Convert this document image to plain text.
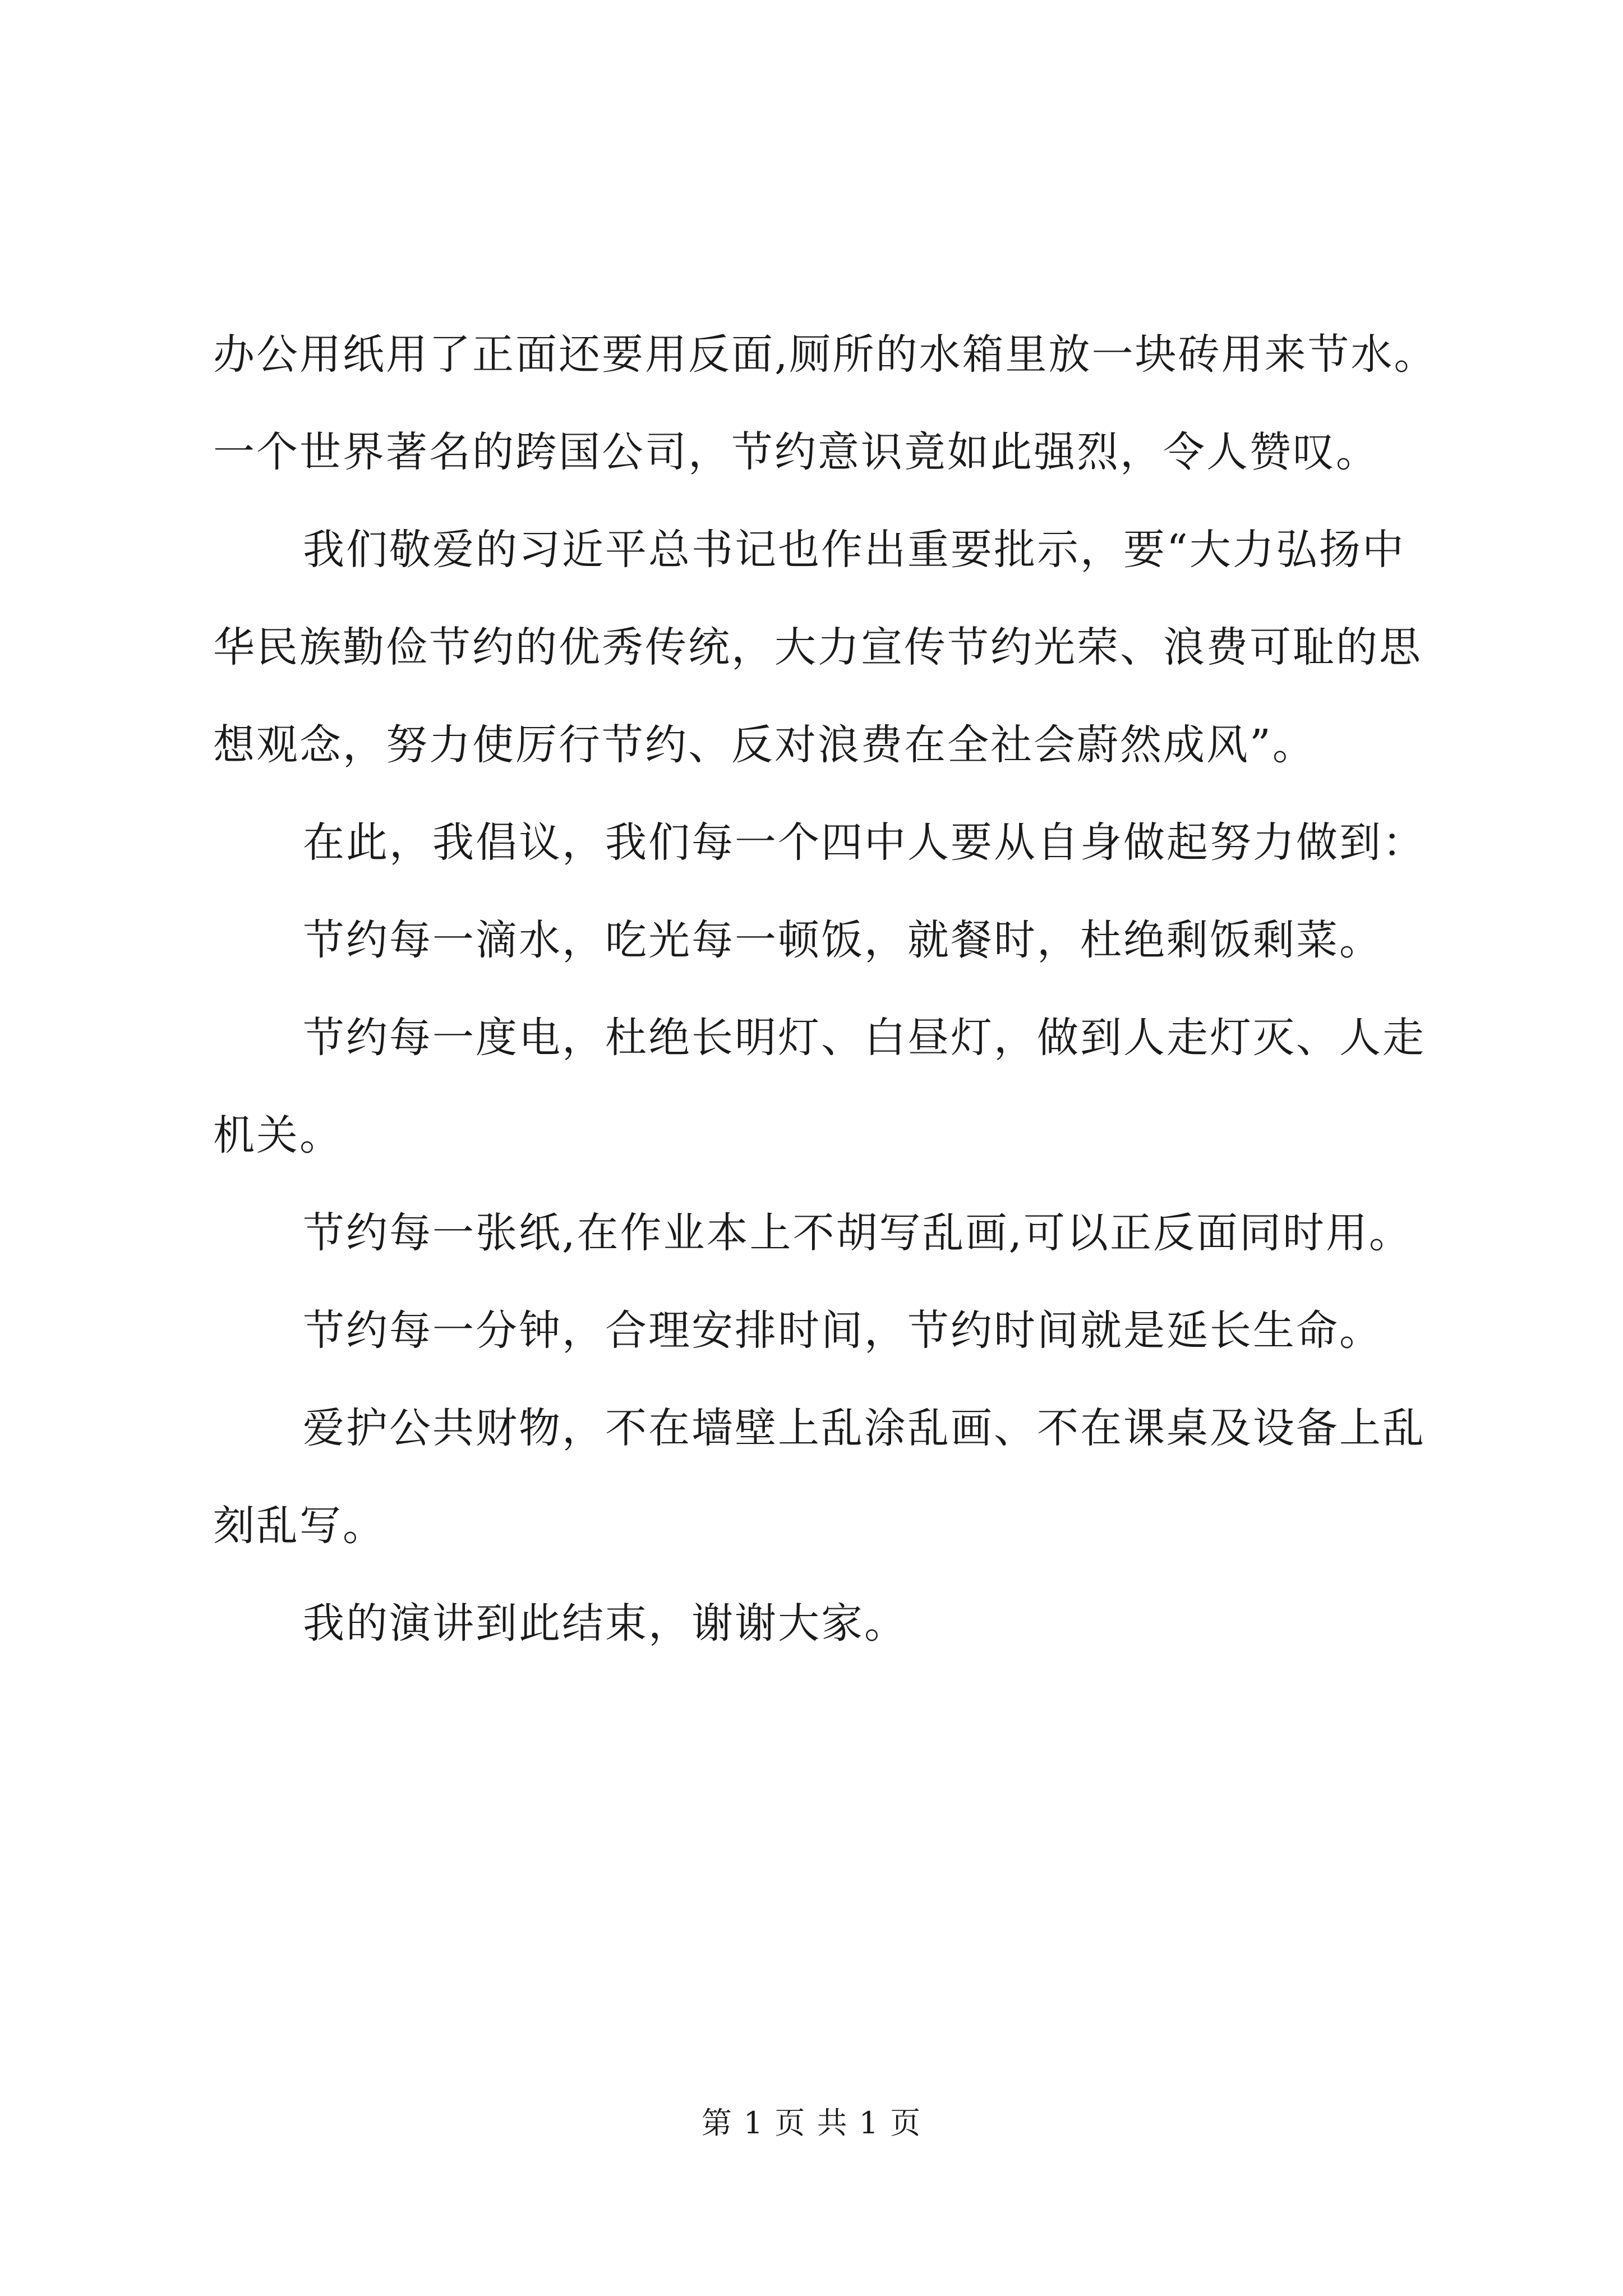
办公用纸用了正面还要用反面,厕所的水箱里放一块砖用来节水。
一个世界著名的跨国公司，节约意识竟如此强烈，令人赞叹。
我们敬爱的习近平总书记也作出重要批示，要“大力弘扬中
华民族勤俭节约的优秀传统，大力宣传节约光荣、浪费可耻的思
想观念，努力使厉行节约、反对浪费在全社会蔚然成风”。
在此，我倡议，我们每一个四中人要从自身做起努力做到：
节约每一滴水，吃光每一顿饭，就餐时，杜绝剩饭剩菜。
节约每一度电，杜绝长明灯、白昼灯，做到人走灯灭、人走
机关。
节约每一张纸,在作业本上不胡写乱画,可以正反面同时用。
节约每一分钟，合理安排时间，节约时间就是延长生命。
爱护公共财物，不在墙壁上乱涂乱画、不在课桌及设备上乱
刻乱写。
我的演讲到此结束，谢谢大家。
第 1 页 共 1 页
